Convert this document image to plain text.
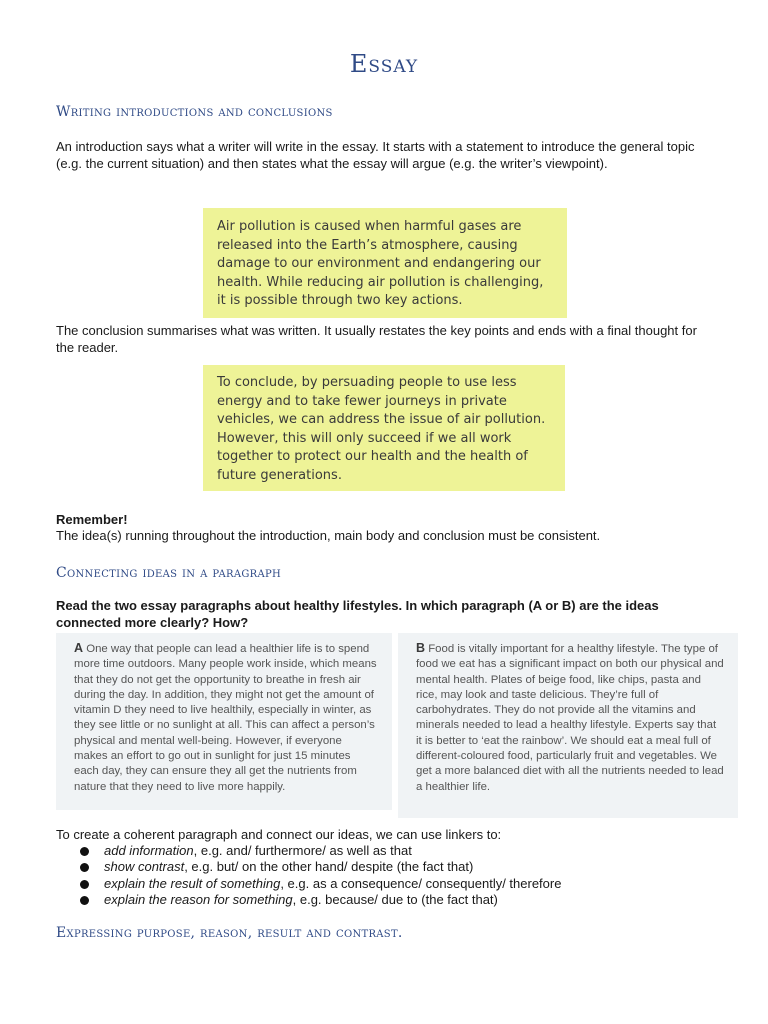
Essay
Writing introductions and conclusions
An introduction says what a writer will write in the essay. It starts with a statement to introduce the general topic (e.g. the current situation) and then states what the essay will argue (e.g. the writer’s viewpoint).
Air pollution is caused when harmful gases are released into the Earth’s atmosphere, causing damage to our environment and endangering our health. While reducing air pollution is challenging, it is possible through two key actions.
The conclusion summarises what was written. It usually restates the key points and ends with a final thought for the reader.
To conclude, by persuading people to use less energy and to take fewer journeys in private vehicles, we can address the issue of air pollution. However, this will only succeed if we all work together to protect our health and the health of future generations.
Remember!
The idea(s) running throughout the introduction, main body and conclusion must be consistent.
Connecting ideas in a paragraph
Read the two essay paragraphs about healthy lifestyles. In which paragraph (A or B) are the ideas connected more clearly? How?
A One way that people can lead a healthier life is to spend more time outdoors. Many people work inside, which means that they do not get the opportunity to breathe in fresh air during the day. In addition, they might not get the amount of vitamin D they need to live healthily, especially in winter, as they see little or no sunlight at all. This can affect a person’s physical and mental well-being. However, if everyone makes an effort to go out in sunlight for just 15 minutes each day, they can ensure they all get the nutrients from nature that they need to live more happily.
B Food is vitally important for a healthy lifestyle. The type of food we eat has a significant impact on both our physical and mental health. Plates of beige food, like chips, pasta and rice, may look and taste delicious. They’re full of carbohydrates. They do not provide all the vitamins and minerals needed to lead a healthy lifestyle. Experts say that it is better to ‘eat the rainbow’. We should eat a meal full of different-coloured food, particularly fruit and vegetables. We get a more balanced diet with all the nutrients needed to lead a healthier life.
To create a coherent paragraph and connect our ideas, we can use linkers to:
add information, e.g. and/ furthermore/ as well as that
show contrast, e.g. but/ on the other hand/ despite (the fact that)
explain the result of something, e.g. as a consequence/ consequently/ therefore
explain the reason for something, e.g. because/ due to (the fact that)
Expressing purpose, reason, result and contrast.
